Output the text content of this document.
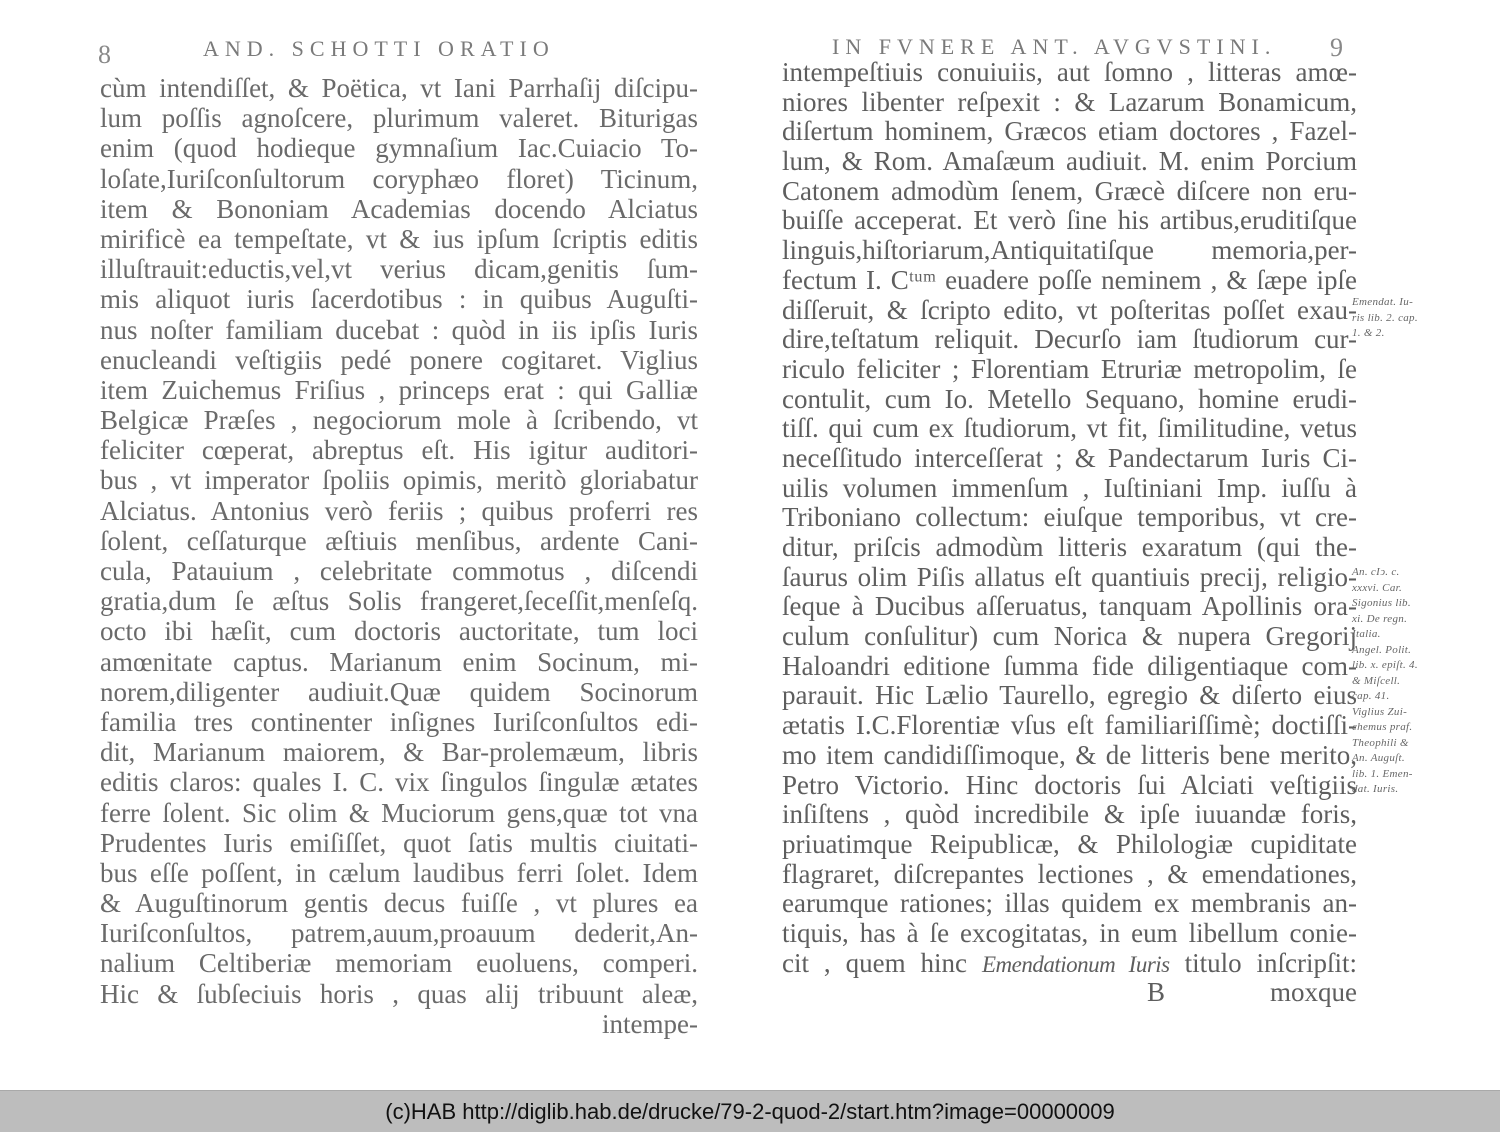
8	AND. SCHOTTI ORATIO
cùm intendiſſet, & Poëtica, vt Iani Parrhaſij diſcipu-
lum poſſis agnoſcere, plurimum valeret. Biturigas
enim (quod hodieque gymnaſium Iac.Cuiacio To-
loſate,Iuriſconſultorum coryphæo floret) Ticinum,
item & Bononiam Academias docendo Alciatus
mirificè ea tempeſtate, vt & ius ipſum ſcriptis editis
illuſtrauit:eductis,vel,vt verius dicam,genitis ſum-
mis aliquot iuris ſacerdotibus : in quibus Auguſti-
nus noſter familiam ducebat : quòd in iis ipſis Iuris
enucleandi veſtigiis pedé ponere cogitaret. Viglius
item Zuichemus Friſius , princeps erat : qui Galliæ
Belgicæ Præſes , negociorum mole à ſcribendo, vt
feliciter cœperat, abreptus eſt. His igitur auditori-
bus , vt imperator ſpoliis opimis, meritò gloriabatur
Alciatus. Antonius verò feriis ; quibus proferri res
ſolent, ceſſaturque æſtiuis menſibus, ardente Cani-
cula, Patauium , celebritate commotus , diſcendi
gratia,dum ſe æſtus Solis frangeret,ſeceſſit,menſeſq.
octo ibi hæſit, cum doctoris auctoritate, tum loci
amœnitate captus. Marianum enim Socinum, mi-
norem,diligenter audiuit.Quæ quidem Socinorum
familia tres continenter inſignes Iuriſconſultos edi-
dit, Marianum maiorem, & Bar-prolemæum, libris
editis claros: quales I. C. vix ſingulos ſingulæ ætates
ferre ſolent. Sic olim & Muciorum gens,quæ tot vna
Prudentes Iuris emiſiſſet, quot ſatis multis ciuitati-
bus eſſe poſſent, in cælum laudibus ferri ſolet. Idem
& Auguſtinorum gentis decus fuiſſe , vt plures ea
Iuriſconſultos, patrem,auum,proauum dederit,An-
nalium Celtiberiæ memoriam euoluens, comperi.
Hic & ſubſeciuis horis , quas alij tribuunt aleæ,
intempe-
IN FVNERE ANT. AVGVSTINI. 9
intempeſtiuis conuiuiis, aut ſomno , litteras amœ-
niores libenter reſpexit : & Lazarum Bonamicum,
diſertum hominem, Græcos etiam doctores , Fazel-
lum, & Rom. Amaſæum audiuit. M. enim Porcium
Catonem admodùm ſenem, Græcè diſcere non eru-
buiſſe acceperat. Et verò ſine his artibus,eruditiſque
linguis,hiſtoriarum,Antiquitatiſque memoria,per-
fectum I. Cᵗᵘᵐ euadere poſſe neminem , & ſæpe ipſe
diſſeruit, & ſcripto edito, vt poſteritas poſſet exau-
dire,teſtatum reliquit. Decurſo iam ſtudiorum cur-
riculo feliciter ; Florentiam Etruriæ metropolim, ſe
contulit, cum Io. Metello Sequano, homine erudi-
tiſſ. qui cum ex ſtudiorum, vt fit, ſimilitudine, vetus
neceſſitudo interceſſerat ; & Pandectarum Iuris Ci-
uilis volumen immenſum , Iuſtiniani Imp. iuſſu à
Triboniano collectum: eiuſque temporibus, vt cre-
ditur, priſcis admodùm litteris exaratum (qui the-
ſaurus olim Piſis allatus eſt quantiuis precij, religio-
ſeque à Ducibus aſſeruatus, tanquam Apollinis ora-
culum conſulitur) cum Norica & nupera Gregorij
Haloandri editione ſumma fide diligentiaque com-
parauit. Hic Lælio Taurello, egregio & diſerto eius
ætatis I.C.Florentiæ vſus eſt familiariſſimè; doctiſſi-
mo item candidiſſimoque, & de litteris bene merito,
Petro Victorio. Hinc doctoris ſui Alciati veſtigiis
inſiſtens , quòd incredibile & ipſe iuuandæ foris,
priuatimque Reipublicæ, & Philologiæ cupiditate
flagraret, diſcrepantes lectiones , & emendationes,
earumque rationes; illas quidem ex membranis an-
tiquis, has à ſe excogitatas, in eum libellum conie-
cit , quem hinc Emendationum Iuris titulo inſcripſit:
B	moxque
Emendat. Iu-
ris lib. 2. cap.
1. & 2.
An. cIↄ. c.
xxxvi. Car.
Sigonius lib.
xi. De regn.
Italia.
Angel. Polit.
lib. x. epiſt. 4.
& Miſcell.
cap. 41.
Viglius Zui-
chemus praf.
Theophili &
An. Auguſt.
lib. 1. Emen-
dat. Iuris.
(c)HAB http://diglib.hab.de/drucke/79-2-quod-2/start.htm?image=00000009
